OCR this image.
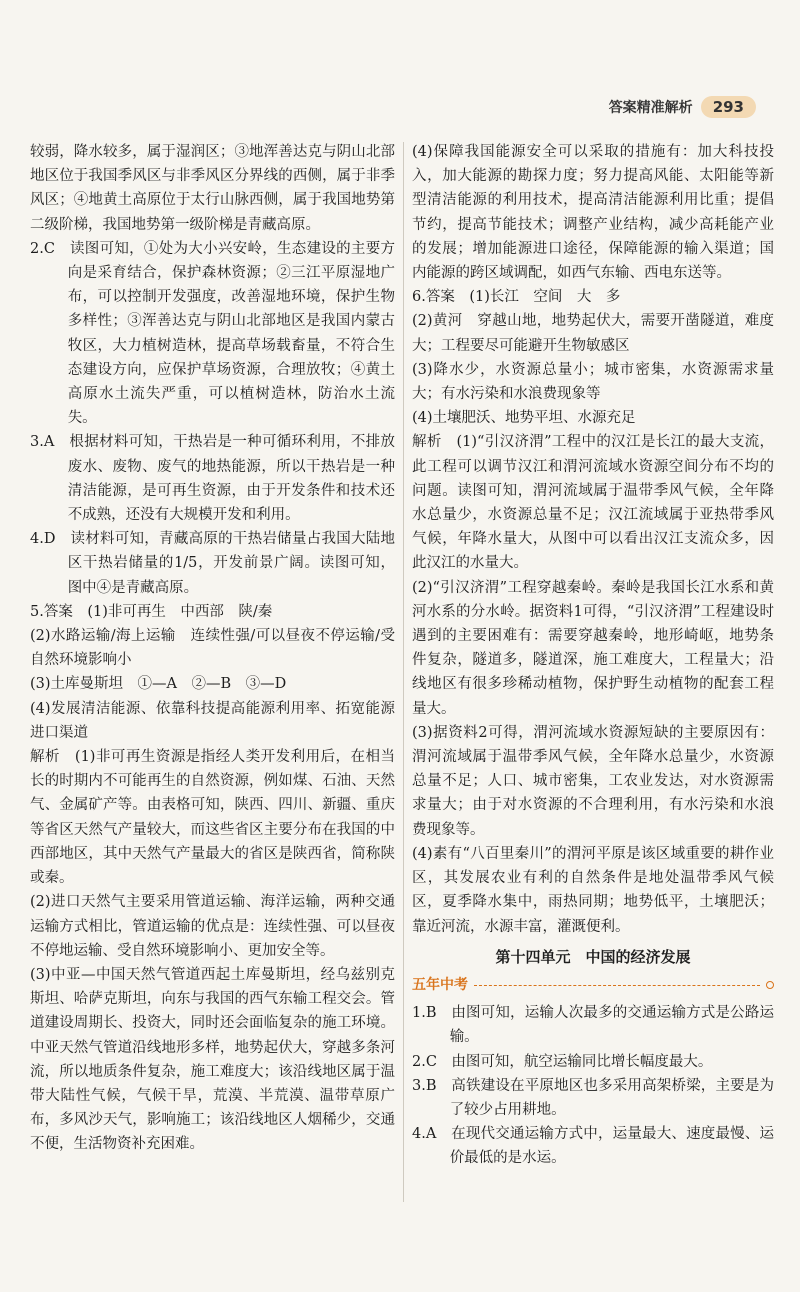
答案精准解析	293

较弱，降水较多，属于湿润区；③地浑善达克与阴山北部地区位于我国季风区与非季风区分界线的西侧，属于非季风区；④地黄土高原位于太行山脉西侧，属于我国地势第二级阶梯，我国地势第一级阶梯是青藏高原。

2.C　读图可知，①处为大小兴安岭，生态建设的主要方向是采育结合，保护森林资源；②三江平原湿地广布，可以控制开发强度，改善湿地环境，保护生物多样性；③浑善达克与阴山北部地区是我国内蒙古牧区，大力植树造林，提高草场载畜量，不符合生态建设方向，应保护草场资源，合理放牧；④黄土高原水土流失严重，可以植树造林，防治水土流失。

3.A　根据材料可知，干热岩是一种可循环利用，不排放废水、废物、废气的地热能源，所以干热岩是一种清洁能源，是可再生资源，由于开发条件和技术还不成熟，还没有大规模开发和利用。

4.D　读材料可知，青藏高原的干热岩储量占我国大陆地区干热岩储量的1/5，开发前景广阔。读图可知，图中④是青藏高原。

5.答案　(1)非可再生　中西部　陕/秦

(2)水路运输/海上运输　连续性强/可以昼夜不停运输/受自然环境影响小

(3)土库曼斯坦　①—A　②—B　③—D

(4)发展清洁能源、依靠科技提高能源利用率、拓宽能源进口渠道

解析　(1)非可再生资源是指经人类开发利用后，在相当长的时期内不可能再生的自然资源，例如煤、石油、天然气、金属矿产等。由表格可知，陕西、四川、新疆、重庆等省区天然气产量较大，而这些省区主要分布在我国的中西部地区，其中天然气产量最大的省区是陕西省，简称陕或秦。

(2)进口天然气主要采用管道运输、海洋运输，两种交通运输方式相比，管道运输的优点是：连续性强、可以昼夜不停地运输、受自然环境影响小、更加安全等。

(3)中亚—中国天然气管道西起土库曼斯坦，经乌兹别克斯坦、哈萨克斯坦，向东与我国的西气东输工程交会。管道建设周期长、投资大，同时还会面临复杂的施工环境。中亚天然气管道沿线地形多样，地势起伏大，穿越多条河流，所以地质条件复杂，施工难度大；该沿线地区属于温带大陆性气候，气候干旱，荒漠、半荒漠、温带草原广布，多风沙天气，影响施工；该沿线地区人烟稀少，交通不便，生活物资补充困难。

(4)保障我国能源安全可以采取的措施有：加大科技投入，加大能源的勘探力度；努力提高风能、太阳能等新型清洁能源的利用技术，提高清洁能源利用比重；提倡节约，提高节能技术；调整产业结构，减少高耗能产业的发展；增加能源进口途径，保障能源的输入渠道；国内能源的跨区域调配，如西气东输、西电东送等。

6.答案　(1)长江　空间　大　多

(2)黄河　穿越山地，地势起伏大，需要开凿隧道，难度大；工程要尽可能避开生物敏感区

(3)降水少，水资源总量小；城市密集，水资源需求量大；有水污染和水浪费现象等

(4)土壤肥沃、地势平坦、水源充足

解析　(1)“引汉济渭”工程中的汉江是长江的最大支流，此工程可以调节汉江和渭河流域水资源空间分布不均的问题。读图可知，渭河流域属于温带季风气候，全年降水总量少，水资源总量不足；汉江流域属于亚热带季风气候，年降水量大，从图中可以看出汉江支流众多，因此汉江的水量大。

(2)“引汉济渭”工程穿越秦岭。秦岭是我国长江水系和黄河水系的分水岭。据资料1可得，“引汉济渭”工程建设时遇到的主要困难有：需要穿越秦岭，地形崎岖，地势条件复杂，隧道多，隧道深，施工难度大，工程量大；沿线地区有很多珍稀动植物，保护野生动植物的配套工程量大。

(3)据资料2可得，渭河流域水资源短缺的主要原因有：渭河流域属于温带季风气候，全年降水总量少，水资源总量不足；人口、城市密集，工农业发达，对水资源需求量大；由于对水资源的不合理利用，有水污染和水浪费现象等。

(4)素有“八百里秦川”的渭河平原是该区域重要的耕作业区，其发展农业有利的自然条件是地处温带季风气候区，夏季降水集中，雨热同期；地势低平，土壤肥沃；靠近河流，水源丰富，灌溉便利。

第十四单元　中国的经济发展
五年中考

1.B　由图可知，运输人次最多的交通运输方式是公路运输。

2.C　由图可知，航空运输同比增长幅度最大。

3.B　高铁建设在平原地区也多采用高架桥梁，主要是为了较少占用耕地。

4.A　在现代交通运输方式中，运量最大、速度最慢、运价最低的是水运。
